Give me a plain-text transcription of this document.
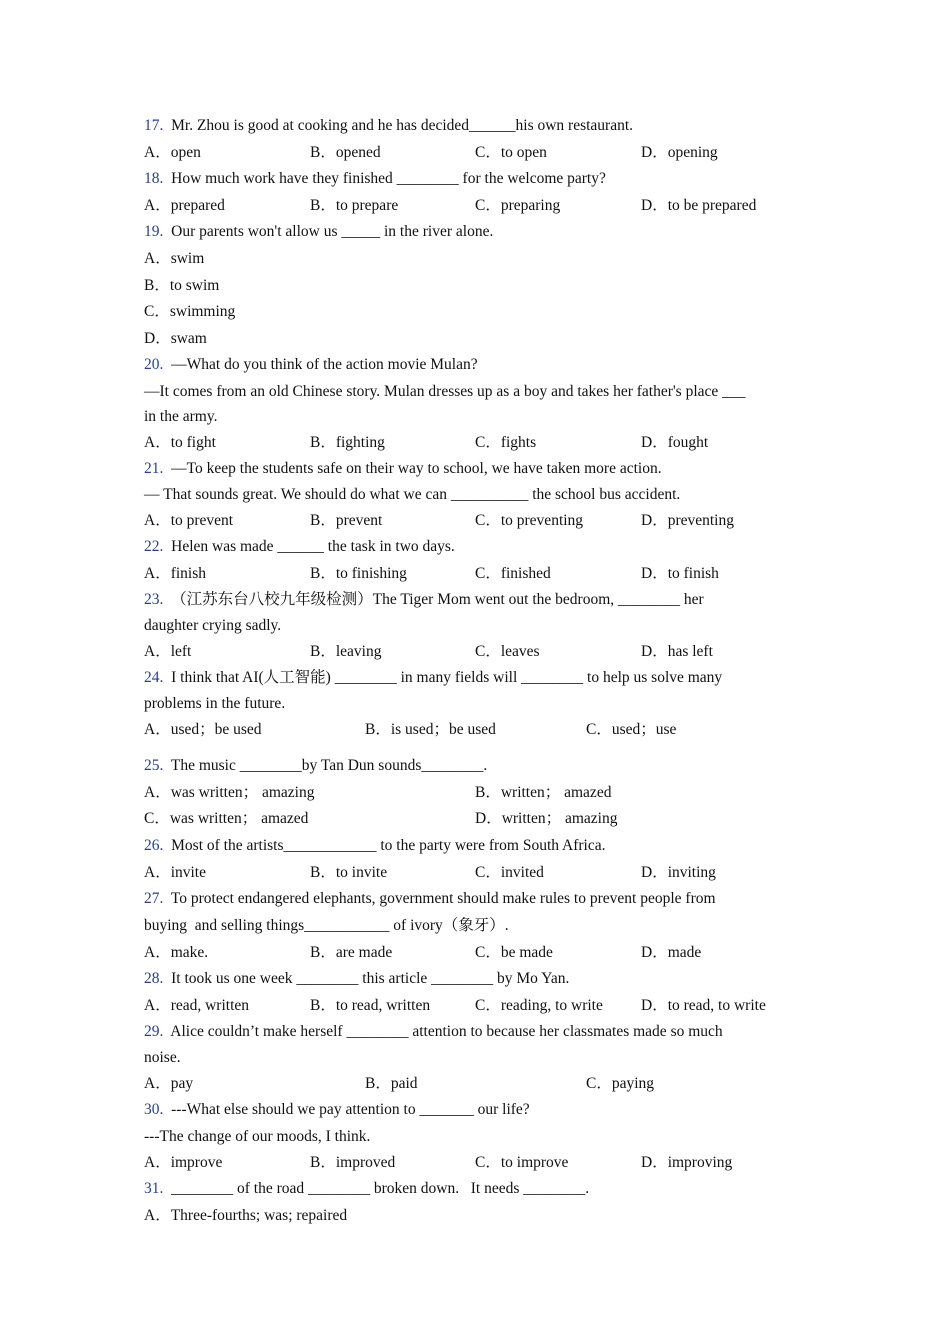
17. Mr. Zhou is good at cooking and he has decided______his own restaurant.
A．open	B．opened	C．to open	D．opening
18. How much work have they finished ________ for the welcome party?
A．prepared	B．to prepare	C．preparing	D．to be prepared
19. Our parents won't allow us _____ in the river alone.
A．swim
B．to swim
C．swimming
D．swam
20. —What do you think of the action movie Mulan?
—It comes from an old Chinese story. Mulan dresses up as a boy and takes her father's place ___
in the army.
A．to fight	B．fighting	C．fights	D．fought
21. —To keep the students safe on their way to school, we have taken more action.
— That sounds great. We should do what we can __________ the school bus accident.
A．to prevent	B．prevent	C．to preventing	D．preventing
22. Helen was made ______ the task in two days.
A．finish	B．to finishing	C．finished	D．to finish
23. （江苏东台八校九年级检测）The Tiger Mom went out the bedroom, ________ her
daughter crying sadly.
A．left	B．leaving	C．leaves	D．has left
24. I think that AI(人工智能) ________ in many fields will ________ to help us solve many
problems in the future.
A．used；be used	B．is used；be used	C．used；use
25. The music ________by Tan Dun sounds________.
A．was written； amazing	B．written； amazed
C．was written； amazed	D．written； amazing
26. Most of the artists____________ to the party were from South Africa.
A．invite	B．to invite	C．invited	D．inviting
27. To protect endangered elephants, government should make rules to prevent people from
buying  and selling things___________ of ivory（象牙）.
A．make.	B．are made	C．be made	D．made
28. It took us one week ________ this article ________ by Mo Yan.
A．read, written	B．to read, written	C．reading, to write D．to read, to write
29. Alice couldn’t make herself ________ attention to because her classmates made so much
noise.
A．pay	B．paid	C．paying
30. ---What else should we pay attention to _______ our life?
---The change of our moods, I think.
A．improve	B．improved	C．to improve	D．improving
31. ________ of the road ________ broken down.   It needs ________.
A．Three-fourths; was; repaired
